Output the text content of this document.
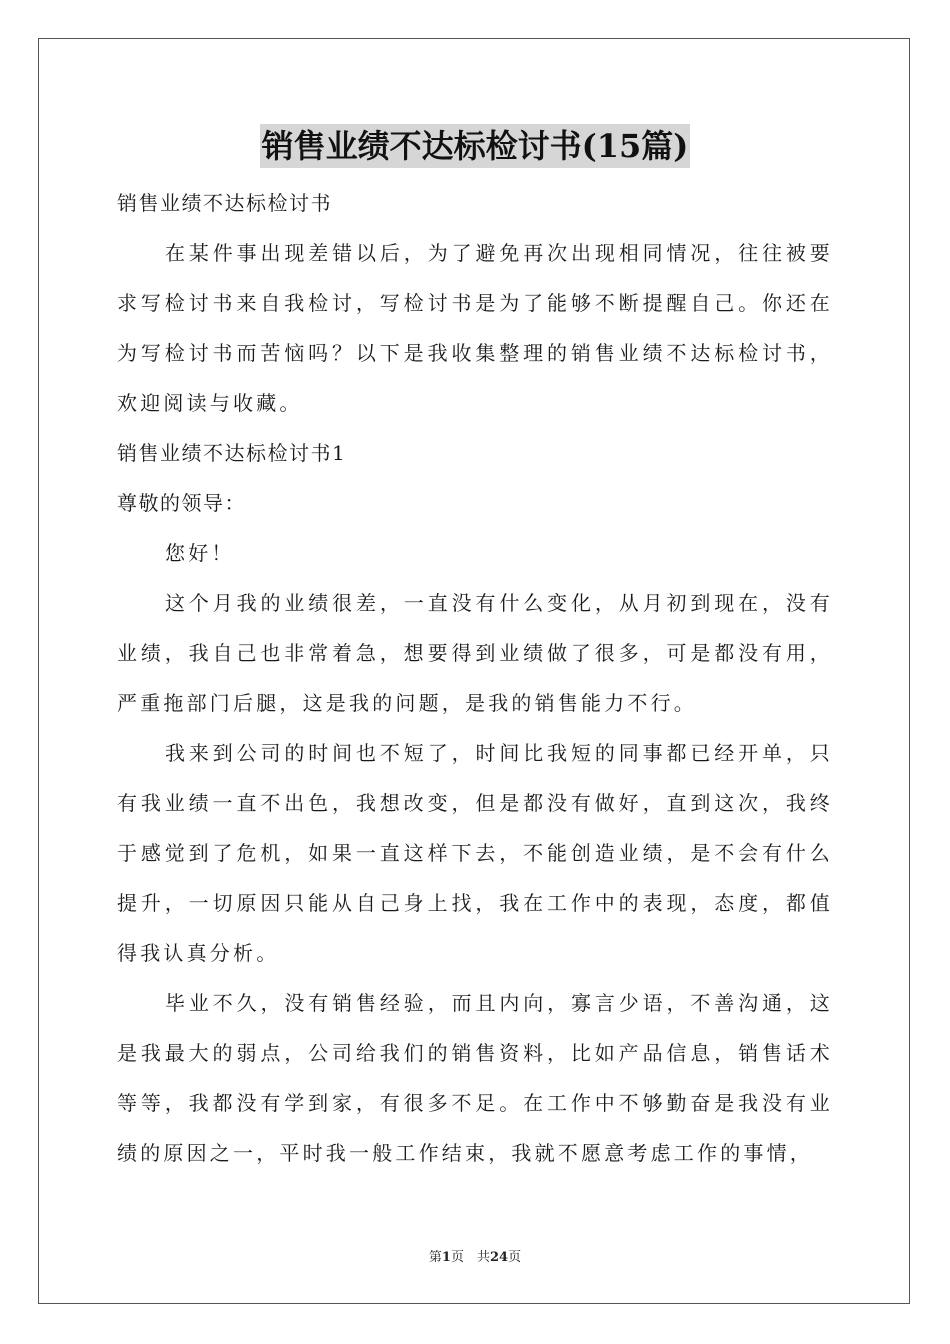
销售业绩不达标检讨书(15篇)
销售业绩不达标检讨书
在某件事出现差错以后，为了避免再次出现相同情况，往往被要求写检讨书来自我检讨，写检讨书是为了能够不断提醒自己。你还在为写检讨书而苦恼吗？以下是我收集整理的销售业绩不达标检讨书，欢迎阅读与收藏。
销售业绩不达标检讨书1
尊敬的领导：
您好！
这个月我的业绩很差，一直没有什么变化，从月初到现在，没有业绩，我自己也非常着急，想要得到业绩做了很多，可是都没有用，严重拖部门后腿，这是我的问题，是我的销售能力不行。
我来到公司的时间也不短了，时间比我短的同事都已经开单，只有我业绩一直不出色，我想改变，但是都没有做好，直到这次，我终于感觉到了危机，如果一直这样下去，不能创造业绩，是不会有什么提升，一切原因只能从自己身上找，我在工作中的表现，态度，都值得我认真分析。
毕业不久，没有销售经验，而且内向，寡言少语，不善沟通，这是我最大的弱点，公司给我们的销售资料，比如产品信息，销售话术等等，我都没有学到家，有很多不足。在工作中不够勤奋是我没有业绩的原因之一，平时我一般工作结束，我就不愿意考虑工作的事情，
第1页　共24页
